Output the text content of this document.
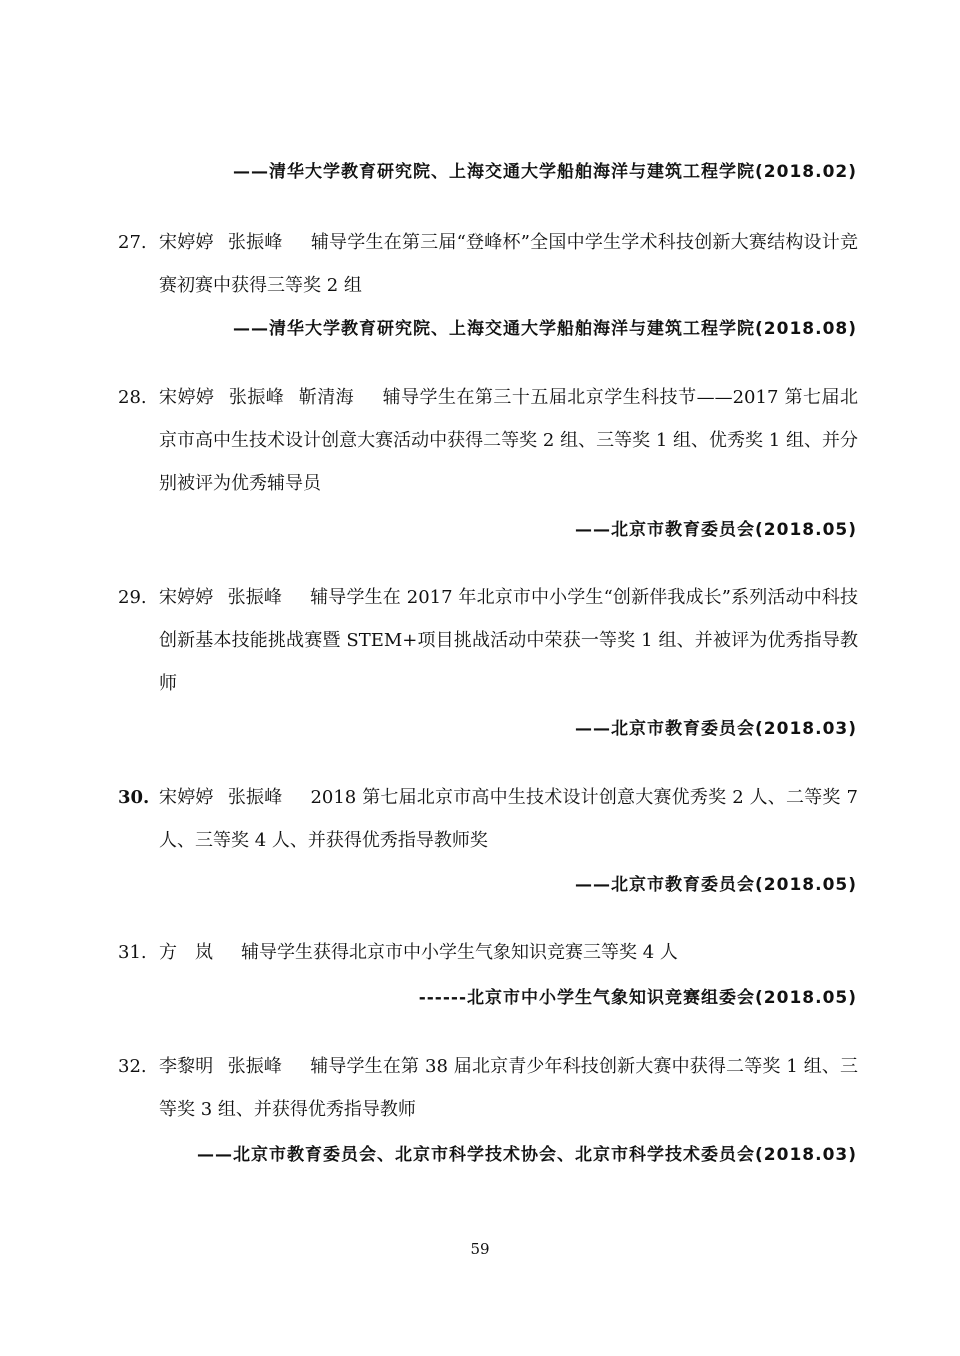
——清华大学教育研究院、上海交通大学船舶海洋与建筑工程学院(2018.02)
27. 宋婷婷 张振峰 辅导学生在第三届“登峰杯”全国中学生学术科技创新大赛结构设计竞赛初赛中获得三等奖 2 组
——清华大学教育研究院、上海交通大学船舶海洋与建筑工程学院(2018.08)
28. 宋婷婷 张振峰 靳清海 辅导学生在第三十五届北京学生科技节——2017 第七届北京市高中生技术设计创意大赛活动中获得二等奖 2 组、三等奖 1 组、优秀奖 1 组、并分别被评为优秀辅导员
——北京市教育委员会(2018.05)
29. 宋婷婷 张振峰 辅导学生在 2017 年北京市中小学生“创新伴我成长”系列活动中科技创新基本技能挑战赛暨 STEM+项目挑战活动中荣获一等奖 1 组、并被评为优秀指导教师
——北京市教育委员会(2018.03)
30. 宋婷婷 张振峰 2018 第七届北京市高中生技术设计创意大赛优秀奖 2 人、二等奖 7 人、三等奖 4 人、并获得优秀指导教师奖
——北京市教育委员会(2018.05)
31. 方　岚 辅导学生获得北京市中小学生气象知识竞赛三等奖 4 人
------北京市中小学生气象知识竞赛组委会(2018.05)
32. 李黎明 张振峰 辅导学生在第 38 届北京青少年科技创新大赛中获得二等奖 1 组、三等奖 3 组、并获得优秀指导教师
——北京市教育委员会、北京市科学技术协会、北京市科学技术委员会(2018.03)
59
